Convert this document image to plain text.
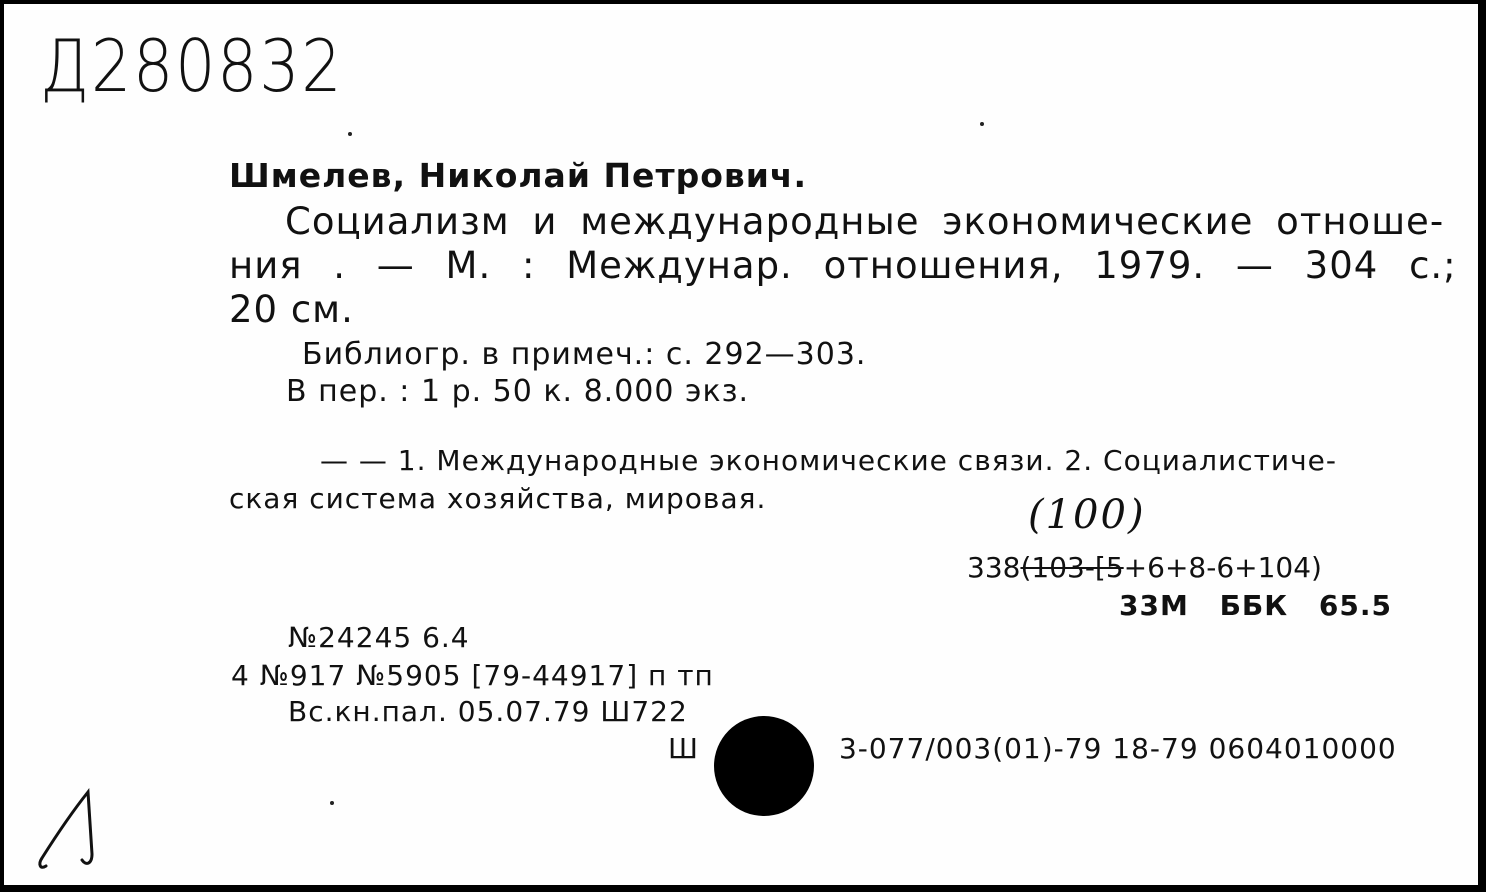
Д280832
Шмелев, Николай Петрович.
Социализм и международные экономические отноше-
ния . — М. : Междунар. отношения, 1979. — 304 с.;
20 см.
Библиогр. в примеч.: с. 292—303.
В пер. : 1 р. 50 к. 8.000 экз.
— — 1. Международные экономические связи. 2. Социалистиче-
ская система хозяйства, мировая.	(100)
338(103-[5+6+8-6+104)
33М ББК 65.5
№24245 6.4
4 №917 №5905 [79-44917] п тп
Вс.кн.пал. 05.07.79 Ш722
Ш	3-077/003(01)-79 18-79 0604010000
